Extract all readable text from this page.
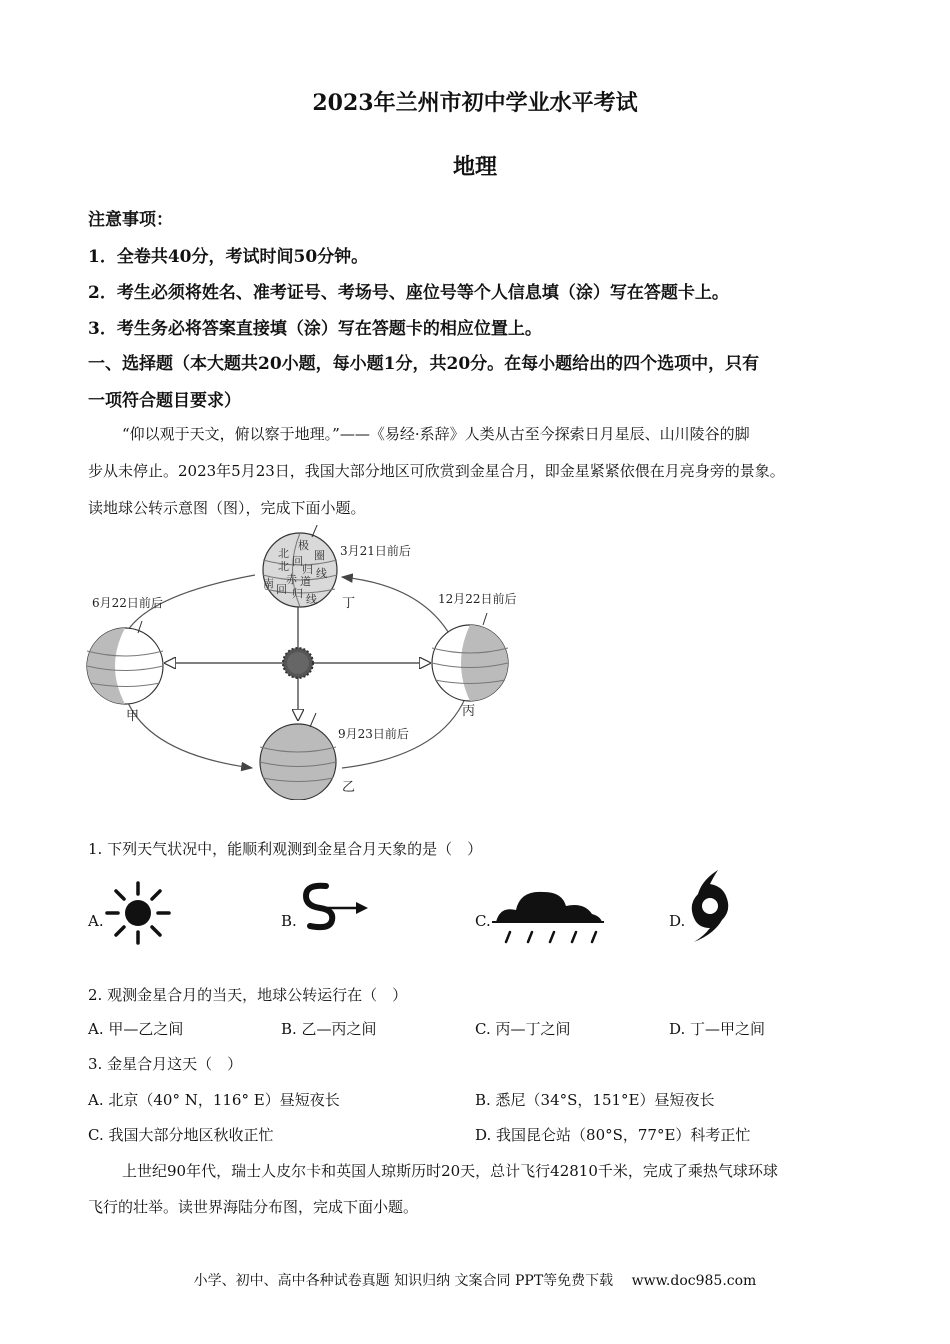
2023年兰州市初中学业水平考试
地理
注意事项：
1．全卷共40分，考试时间50分钟。
2．考生必须将姓名、准考证号、考场号、座位号等个人信息填（涂）写在答题卡上。
3．考生务必将答案直接填（涂）写在答题卡的相应位置上。
一、选择题（本大题共20小题，每小题1分，共20分。在每小题给出的四个选项中，只有
一项符合题目要求）
“仰以观于天文，俯以察于地理。”——《易经·系辞》人类从古至今探索日月星辰、山川陵谷的脚
步从未停止。2023年5月23日，我国大部分地区可欣赏到金星合月，即金星紧紧依偎在月亮身旁的景象。
读地球公转示意图（图），完成下面小题。
北
极
圈
北 回
归 线
赤 道
南 回 归 线
3月21日前后
6月22日前后	12月22日前后
9月23日前后
丁
甲	丙
乙
1. 下列天气状况中，能顺利观测到金星合月天象的是（　）
A.	B.	C.	D.
2. 观测金星合月的当天，地球公转运行在（　）
A. 甲—乙之间	B. 乙—丙之间	C. 丙—丁之间	D. 丁—甲之间
3. 金星合月这天（　）
A. 北京（40° N，116° E）昼短夜长	B. 悉尼（34°S，151°E）昼短夜长
C. 我国大部分地区秋收正忙	D. 我国昆仑站（80°S，77°E）科考正忙
上世纪90年代，瑞士人皮尔卡和英国人琼斯历时20天，总计飞行42810千米，完成了乘热气球环球
飞行的壮举。读世界海陆分布图，完成下面小题。
小学、初中、高中各种试卷真题 知识归纳 文案合同 PPT等免费下载　 www.doc985.com
